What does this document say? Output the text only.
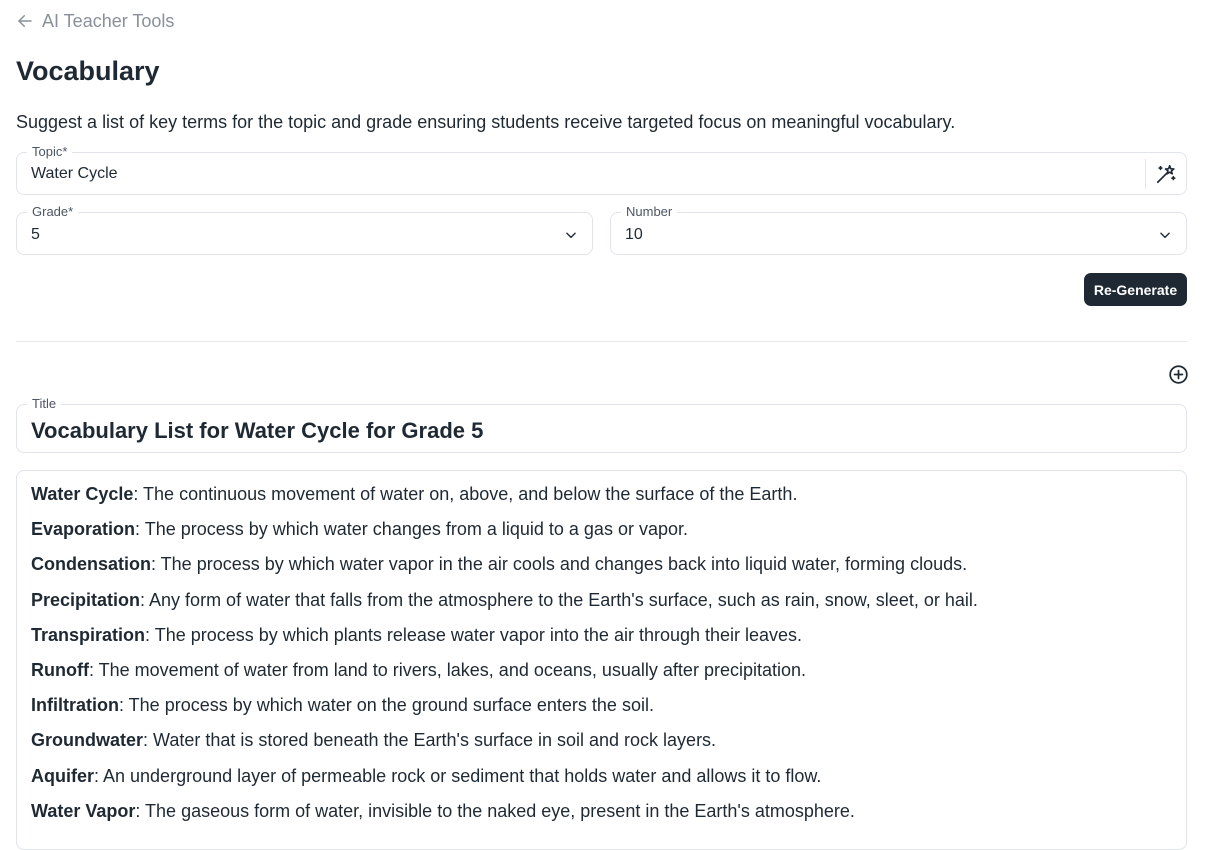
AI Teacher Tools
Vocabulary

Suggest a list of key terms for the topic and grade ensuring students receive targeted focus on meaningful vocabulary.

Topic*
Water Cycle
Grade*
5
Number
10
Re-Generate
Title
Vocabulary List for Water Cycle for Grade 5
Water Cycle: The continuous movement of water on, above, and below the surface of the Earth.
Evaporation: The process by which water changes from a liquid to a gas or vapor.
Condensation: The process by which water vapor in the air cools and changes back into liquid water, forming clouds.
Precipitation: Any form of water that falls from the atmosphere to the Earth's surface, such as rain, snow, sleet, or hail.
Transpiration: The process by which plants release water vapor into the air through their leaves.
Runoff: The movement of water from land to rivers, lakes, and oceans, usually after precipitation.
Infiltration: The process by which water on the ground surface enters the soil.
Groundwater: Water that is stored beneath the Earth's surface in soil and rock layers.
Aquifer: An underground layer of permeable rock or sediment that holds water and allows it to flow.
Water Vapor: The gaseous form of water, invisible to the naked eye, present in the Earth's atmosphere.
